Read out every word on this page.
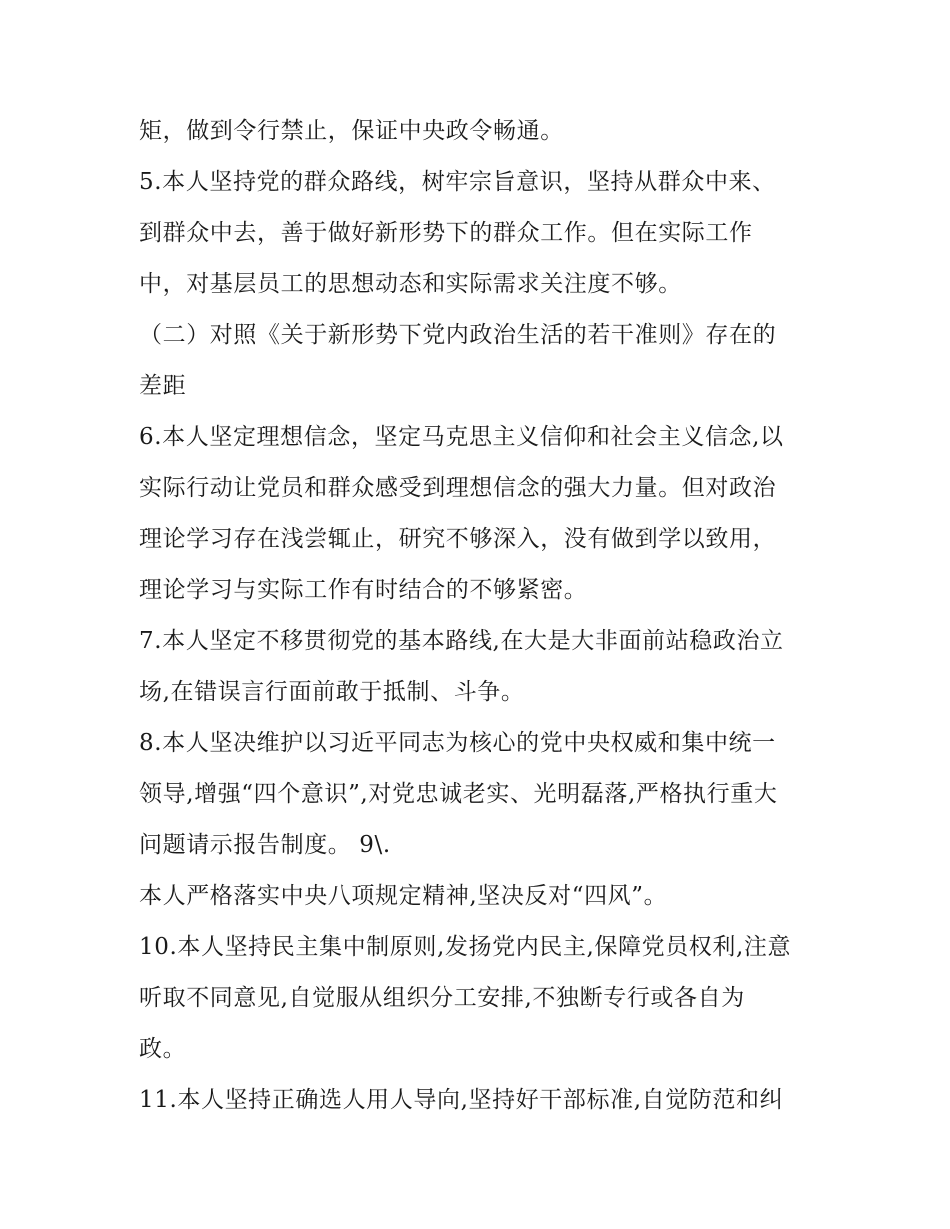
矩，做到令行禁止，保证中央政令畅通。
5.本人坚持党的群众路线，树牢宗旨意识，坚持从群众中来、
到群众中去，善于做好新形势下的群众工作。但在实际工作
中，对基层员工的思想动态和实际需求关注度不够。
（二）对照《关于新形势下党内政治生活的若干准则》存在的
差距
6.本人坚定理想信念，坚定马克思主义信仰和社会主义信念,以
实际行动让党员和群众感受到理想信念的强大力量。但对政治
理论学习存在浅尝辄止，研究不够深入，没有做到学以致用，
理论学习与实际工作有时结合的不够紧密。
7.本人坚定不移贯彻党的基本路线,在大是大非面前站稳政治立
场,在错误言行面前敢于抵制、斗争。
8.本人坚决维护以习近平同志为核心的党中央权威和集中统一
领导,增强“四个意识”,对党忠诚老实、光明磊落,严格执行重大
问题请示报告制度。 9\.
本人严格落实中央八项规定精神,坚决反对“四风”。
10.本人坚持民主集中制原则,发扬党内民主,保障党员权利,注意
听取不同意见,自觉服从组织分工安排,不独断专行或各自为
政。
11.本人坚持正确选人用人导向,坚持好干部标准,自觉防范和纠
